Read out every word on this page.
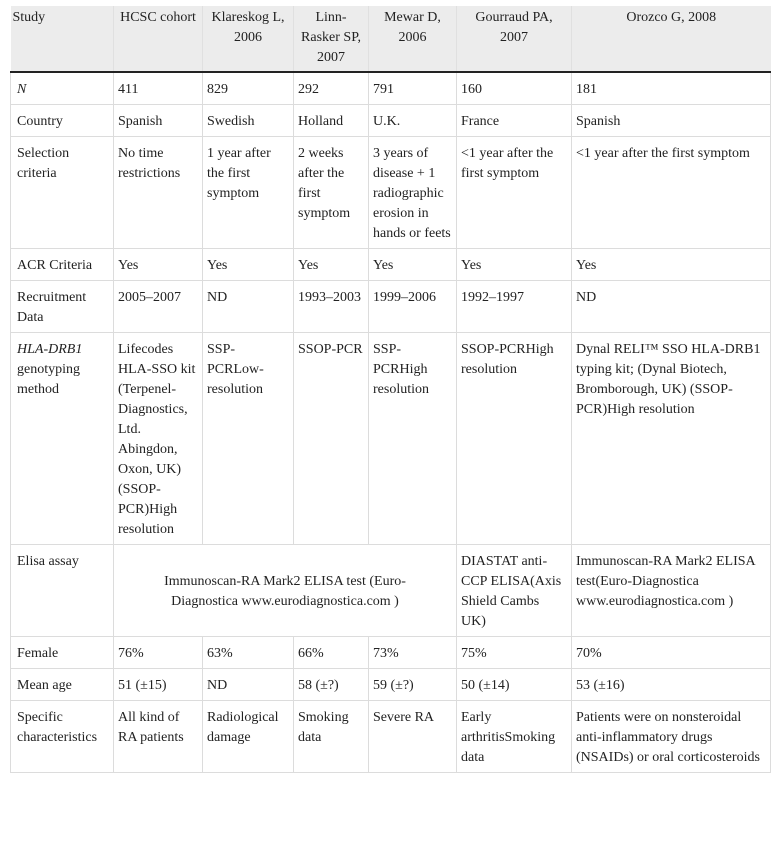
Study	HCSC cohort	Klareskog L, 2006	Linn-Rasker SP, 2007	Mewar D, 2006	Gourraud PA, 2007	Orozco G, 2008
N	411	829	292	791	160	181
Country	Spanish	Swedish	Holland	U.K.	France	Spanish
Selection criteria	No time restrictions	1 year after the first symptom	2 weeks after the first symptom	3 years of disease + 1 radiographic erosion in hands or feets	<1 year after the first symptom	<1 year after the first symptom
ACR Criteria	Yes	Yes	Yes	Yes	Yes	Yes
Recruitment Data	2005–2007	ND	1993–2003	1999–2006	1992–1997	ND
HLA-DRB1 genotyping method	Lifecodes HLA-SSO kit (Terpenel-Diagnostics, Ltd. Abingdon, Oxon, UK) (SSOP-PCR)High resolution	SSP-PCRLow-resolution	SSOP-PCR	SSP-PCRHigh resolution	SSOP-PCRHigh resolution	Dynal RELI™ SSO HLA-DRB1 typing kit; (Dynal Biotech, Bromborough, UK) (SSOP-PCR)High resolution
Elisa assay	Immunoscan-RA Mark2 ELISA test (Euro-Diagnostica www.eurodiagnostica.com )				DIASTAT anti-CCP ELISA(Axis Shield Cambs UK)	Immunoscan-RA Mark2 ELISA test(Euro-Diagnostica www.eurodiagnostica.com )
Female	76%	63%	66%	73%	75%	70%
Mean age	51 (±15)	ND	58 (±?)	59 (±?)	50 (±14)	53 (±16)
Specific characteristics	All kind of RA patients	Radiological damage	Smoking data	Severe RA	Early arthritisSmoking data	Patients were on nonsteroidal anti-inflammatory drugs (NSAIDs) or oral corticosteroids
